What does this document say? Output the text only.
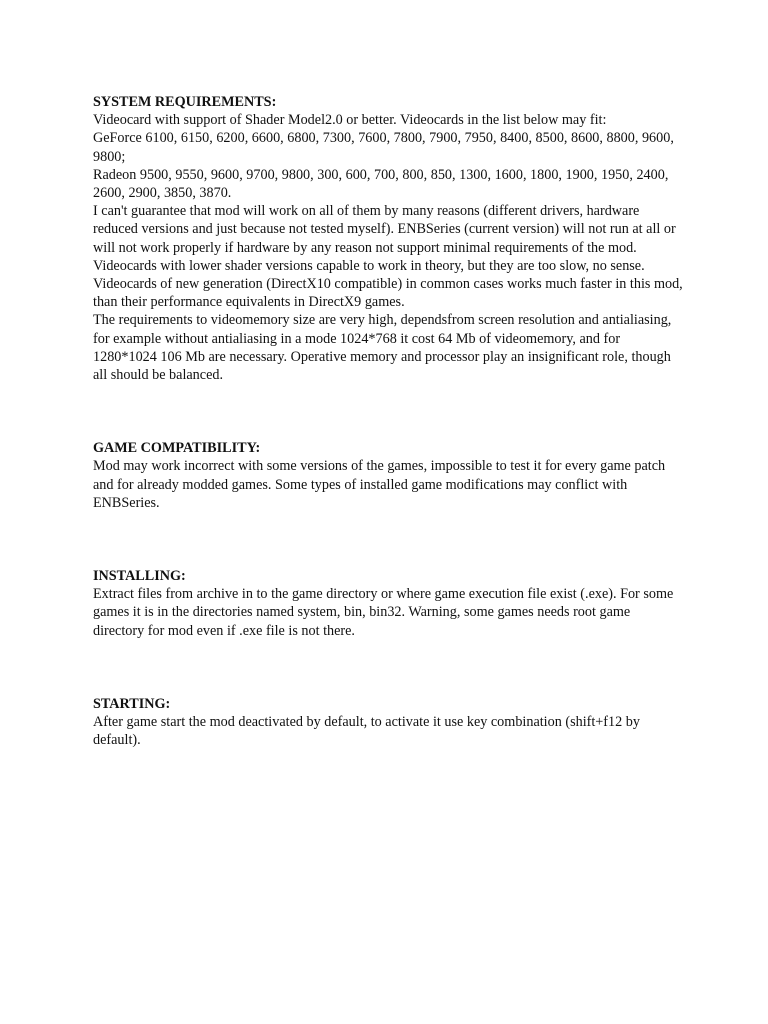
SYSTEM REQUIREMENTS:

Videocard with support of Shader Model2.0 or better. Videocards in the list below may fit:

GeForce 6100, 6150, 6200, 6600, 6800, 7300, 7600, 7800, 7900, 7950, 8400, 8500, 8600, 8800, 9600, 9800;

Radeon 9500, 9550, 9600, 9700, 9800, 300, 600, 700, 800, 850, 1300, 1600, 1800, 1900, 1950, 2400, 2600, 2900, 3850, 3870.

I can't guarantee that mod will work on all of them by many reasons (different drivers, hardware reduced versions and just because not tested myself). ENBSeries (current version) will not run at all or will not work properly if hardware by any reason not support minimal requirements of the mod. Videocards with lower shader versions capable to work in theory, but they are too slow, no sense. Videocards of new generation (DirectX10 compatible) in common cases works much faster in this mod, than their performance equivalents in DirectX9 games.

The requirements to videomemory size are very high, dependsfrom screen resolution and antialiasing, for example without antialiasing in a mode 1024*768 it cost 64 Mb of videomemory, and for 1280*1024 106 Mb are necessary. Operative memory and processor play an insignificant role, though all should be balanced.

GAME COMPATIBILITY:

Mod may work incorrect with some versions of the games, impossible to test it for every game patch and for already modded games. Some types of installed game modifications may conflict with ENBSeries.

INSTALLING:

Extract files from archive in to the game directory or where game execution file exist (.exe). For some games it is in the directories named system, bin, bin32. Warning, some games needs root game directory for mod even if .exe file is not there.

STARTING:

After game start the mod deactivated by default, to activate it use key combination (shift+f12 by default).
